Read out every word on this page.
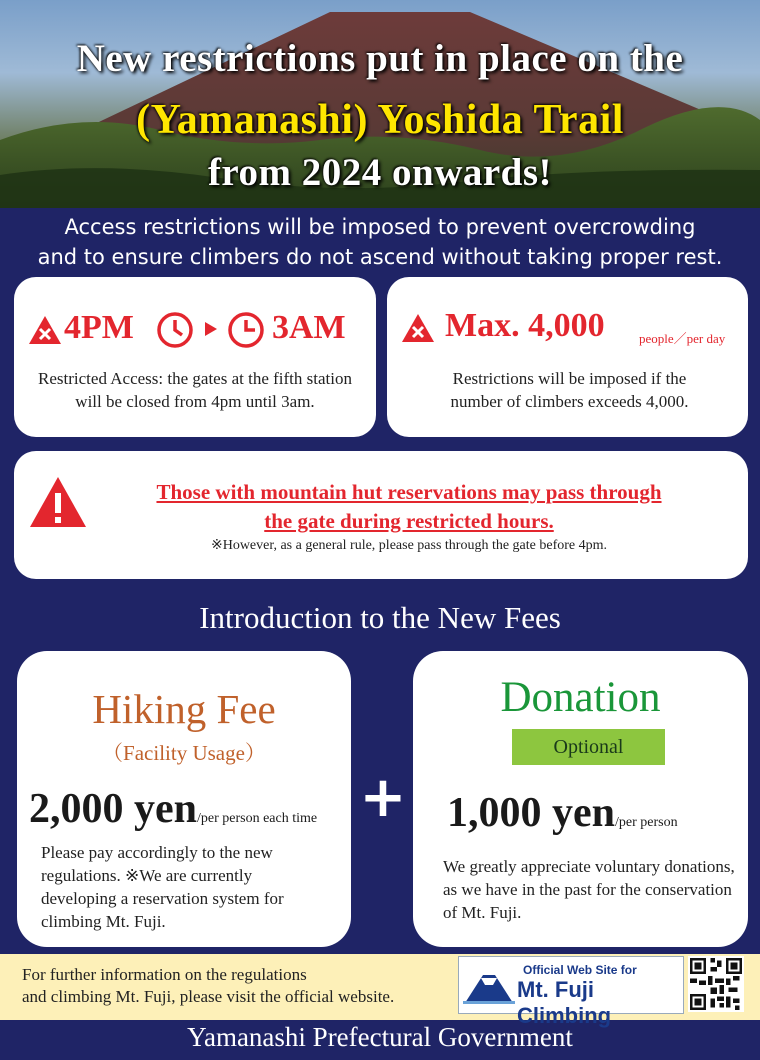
New restrictions put in place on the
(Yamanashi) Yoshida Trail
from 2024 onwards!
Access restrictions will be imposed to prevent overcrowding
and to ensure climbers do not ascend without taking proper rest.
4PM	3AM
Restricted Access: the gates at the fifth station will be closed from 4pm until 3am.
Max. 4,000	people／per day
Restrictions will be imposed if the number of climbers exceeds 4,000.
Those with mountain hut reservations may pass through
the gate during restricted hours.
※However, as a general rule, please pass through the gate before 4pm.
Introduction to the New Fees
Hiking Fee
（Facility Usage）
2,000 yen/per person each time
Please pay accordingly to the new regulations. ※We are currently developing a reservation system for climbing Mt. Fuji.
+
Donation
Optional
1,000 yen/per person
We greatly appreciate voluntary donations, as we have in the past for the conservation of Mt. Fuji.
For further information on the regulations
and climbing Mt. Fuji, please visit the official website.
Official Web Site for
Mt. Fuji Climbing
Yamanashi Prefectural Government
